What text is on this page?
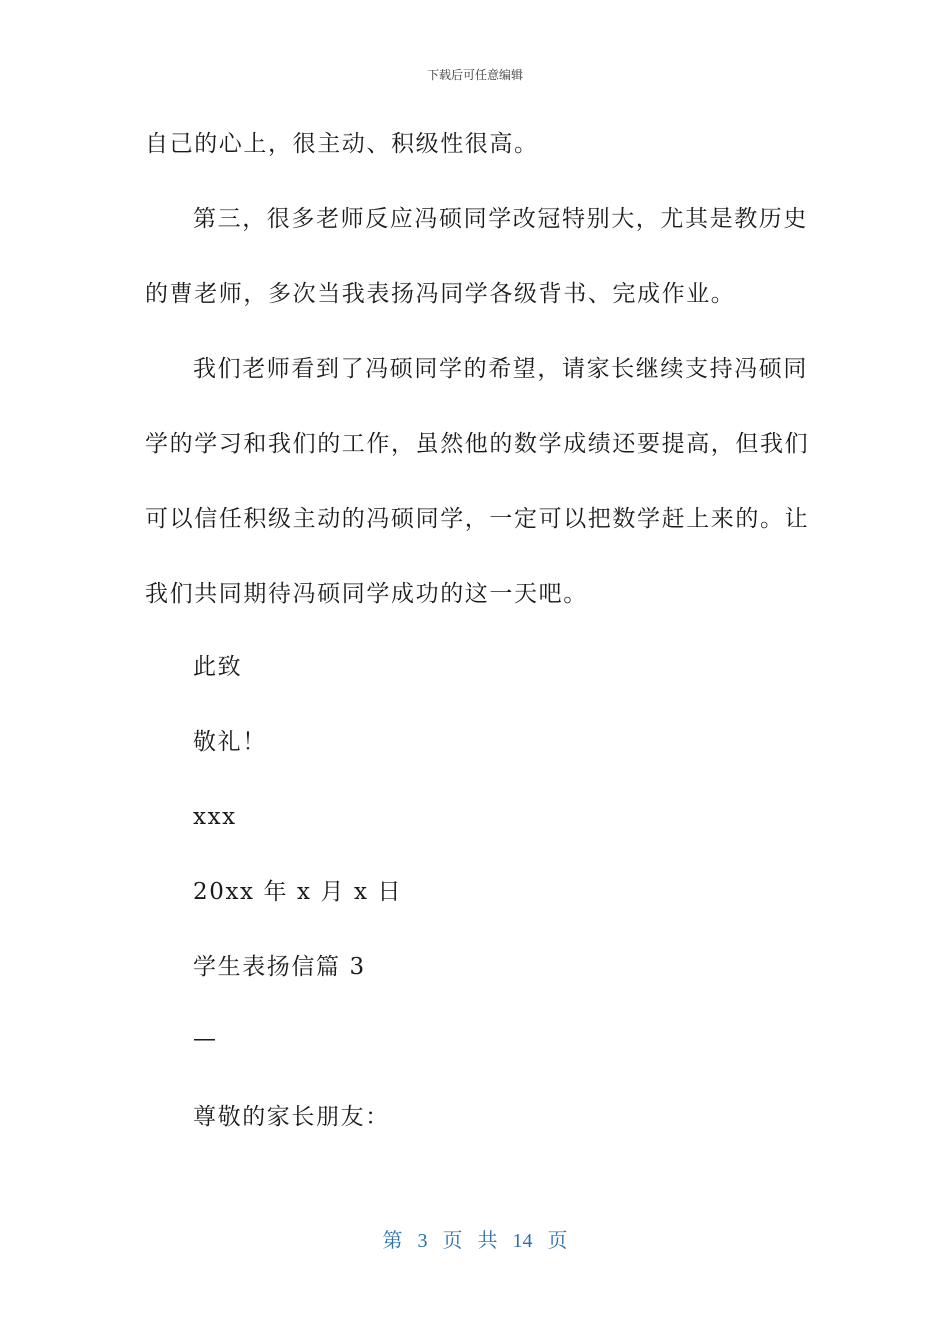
下载后可任意编辑
自己的心上，很主动、积级性很高。
第三，很多老师反应冯硕同学改冠特别大，尤其是教历史
的曹老师，多次当我表扬冯同学各级背书、完成作业。
我们老师看到了冯硕同学的希望，请家长继续支持冯硕同
学的学习和我们的工作，虽然他的数学成绩还要提高，但我们
可以信任积级主动的冯硕同学，一定可以把数学赶上来的。让
我们共同期待冯硕同学成功的这一天吧。
此致
敬礼！
xxx
20xx 年 x 月 x 日
学生表扬信篇 3
—
尊敬的家长朋友：
第 3 页 共 14 页
